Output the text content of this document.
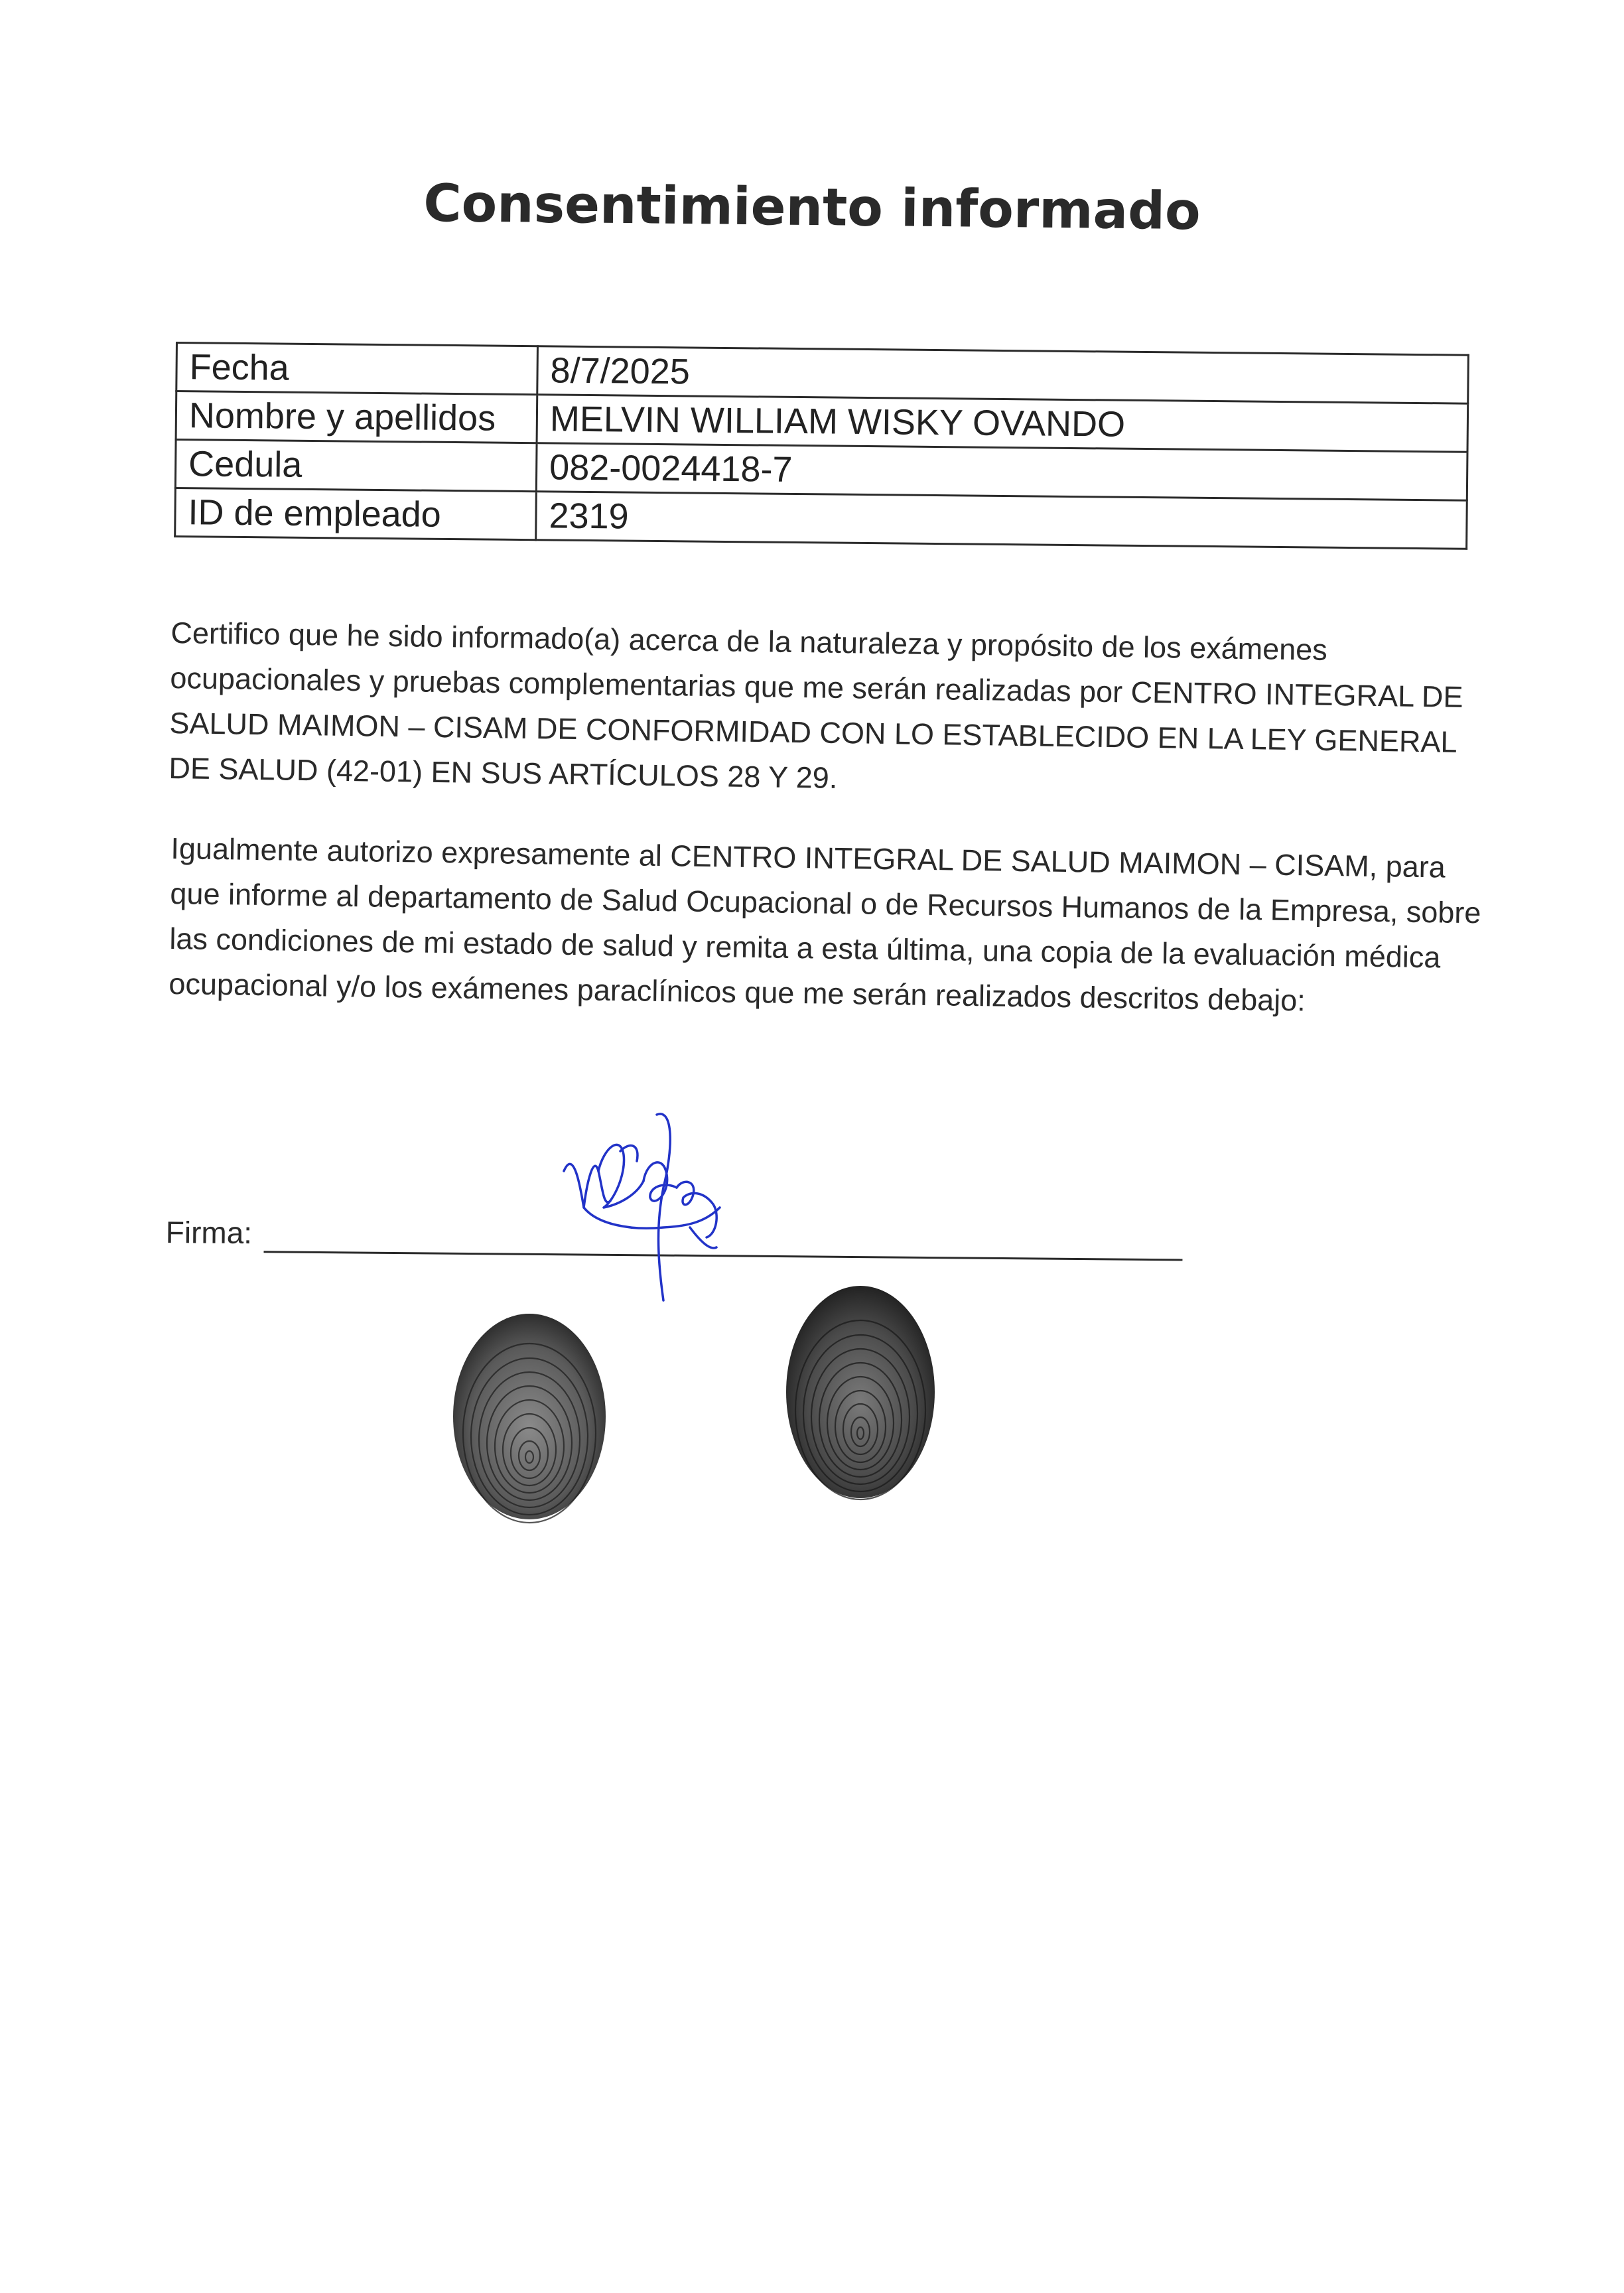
Consentimiento informado
Fecha	8/7/2025
Nombre y apellidos	MELVIN WILLIAM WISKY OVANDO
Cedula	082-0024418-7
ID de empleado	2319
Certifico que he sido informado(a) acerca de la naturaleza y propósito de los exámenes ocupacionales y pruebas complementarias que me serán realizadas por CENTRO INTEGRAL DE SALUD MAIMON – CISAM DE CONFORMIDAD CON LO ESTABLECIDO EN LA LEY GENERAL DE SALUD (42-01) EN SUS ARTÍCULOS 28 Y 29.
Igualmente autorizo expresamente al CENTRO INTEGRAL DE SALUD MAIMON – CISAM, para que informe al departamento de Salud Ocupacional o de Recursos Humanos de la Empresa, sobre las condiciones de mi estado de salud y remita a esta última, una copia de la evaluación médica ocupacional y/o los exámenes paraclínicos que me serán realizados descritos debajo:
Firma:
